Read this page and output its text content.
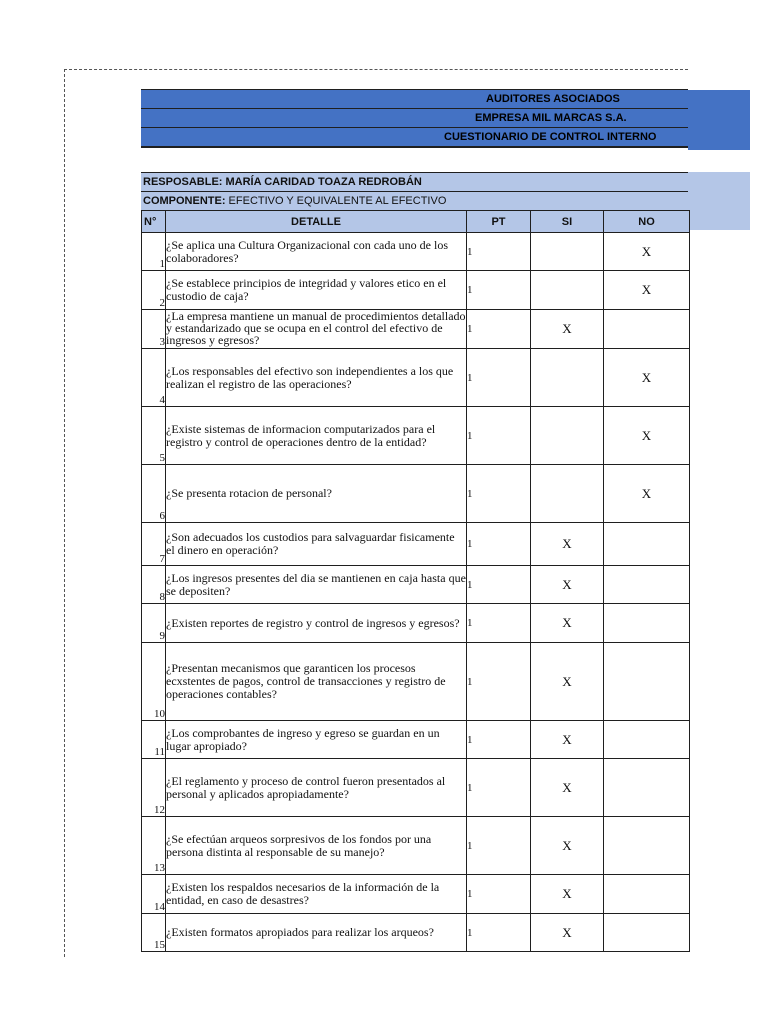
AUDITORES ASOCIADOS
EMPRESA MIL MARCAS S.A.
CUESTIONARIO DE CONTROL INTERNO
RESPOSABLE: MARÍA CARIDAD TOAZA REDROBÁN
COMPONENTE: EFECTIVO Y EQUIVALENTE AL EFECTIVO
N°	DETALLE	PT	SI	NO
1	¿Se aplica una Cultura Organizacional con cada uno de los colaboradores?	1		X
2	¿Se establece principios de integridad y valores etico en el custodio de caja?	1		X
3	¿La empresa mantiene un manual de procedimientos detallado y estandarizado que se ocupa en el control del efectivo de ingresos y egresos?	1	X	
4	¿Los responsables del efectivo son independientes a los que realizan el registro de las operaciones?	1		X
5	¿Existe sistemas de informacion computarizados para el registro y control de operaciones dentro de la entidad?	1		X
6	¿Se presenta rotacion de personal?	1		X
7	¿Son adecuados los custodios para salvaguardar fisicamente el dinero en operación?	1	X	
8	¿Los ingresos presentes del dia se mantienen en caja hasta que se depositen?	1	X	
9	¿Existen reportes de registro y control de ingresos y egresos?	1	X	
10	¿Presentan mecanismos que garanticen los procesos ecxstentes de pagos, control de transacciones y registro de operaciones contables?	1	X	
11	¿Los comprobantes de ingreso y egreso se guardan en un lugar apropiado?	1	X	
12	¿El reglamento y proceso de control fueron presentados al personal y aplicados apropiadamente?	1	X	
13	¿Se efectúan arqueos sorpresivos de los fondos por una persona distinta al responsable de su manejo?	1	X	
14	¿Existen los respaldos necesarios de la información de la entidad, en caso de desastres?	1	X	
15	¿Existen formatos apropiados para realizar los arqueos?	1	X	
